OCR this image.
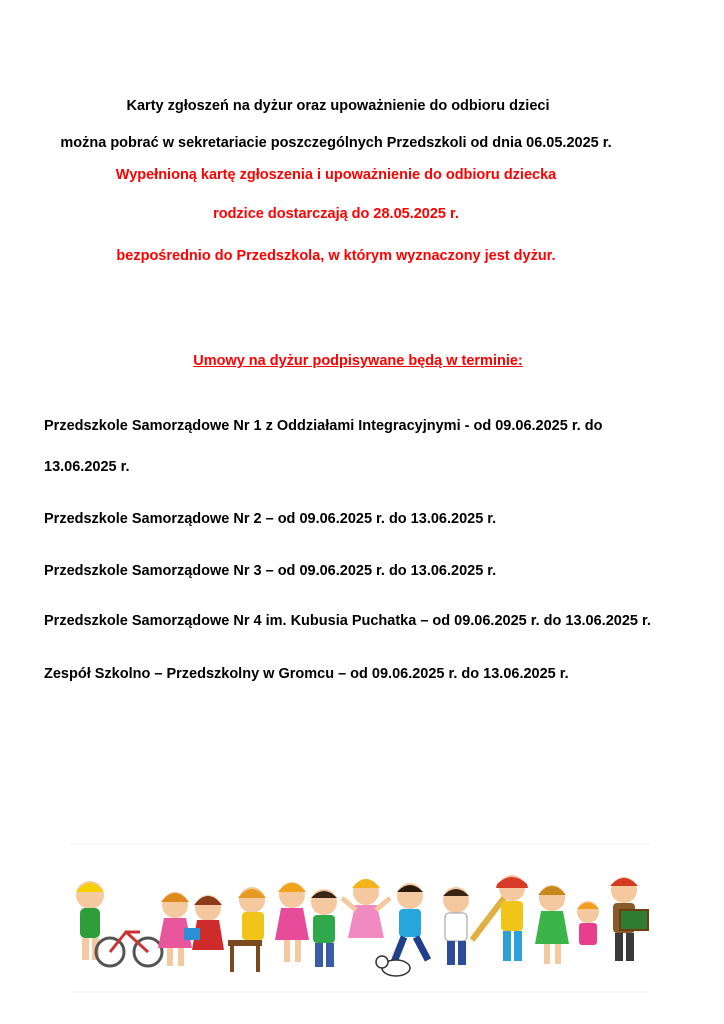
Karty zgłoszeń na dyżur oraz upoważnienie do odbioru dzieci
można pobrać w sekretariacie poszczególnych Przedszkoli od dnia 06.05.2025 r.
Wypełnioną kartę zgłoszenia i upoważnienie do odbioru dziecka
rodzice dostarczają do 28.05.2025 r.
bezpośrednio do Przedszkola, w którym wyznaczony jest dyżur.
Umowy na dyżur podpisywane będą w terminie:
Przedszkole Samorządowe Nr 1 z Oddziałami Integracyjnymi - od 09.06.2025 r. do
13.06.2025 r.
Przedszkole Samorządowe Nr 2 – od 09.06.2025 r. do 13.06.2025 r.
Przedszkole Samorządowe Nr 3 – od 09.06.2025 r. do 13.06.2025 r.
Przedszkole Samorządowe Nr 4 im. Kubusia Puchatka – od 09.06.2025 r. do 13.06.2025 r.
Zespół Szkolno – Przedszkolny w Gromcu – od 09.06.2025 r. do 13.06.2025 r.
